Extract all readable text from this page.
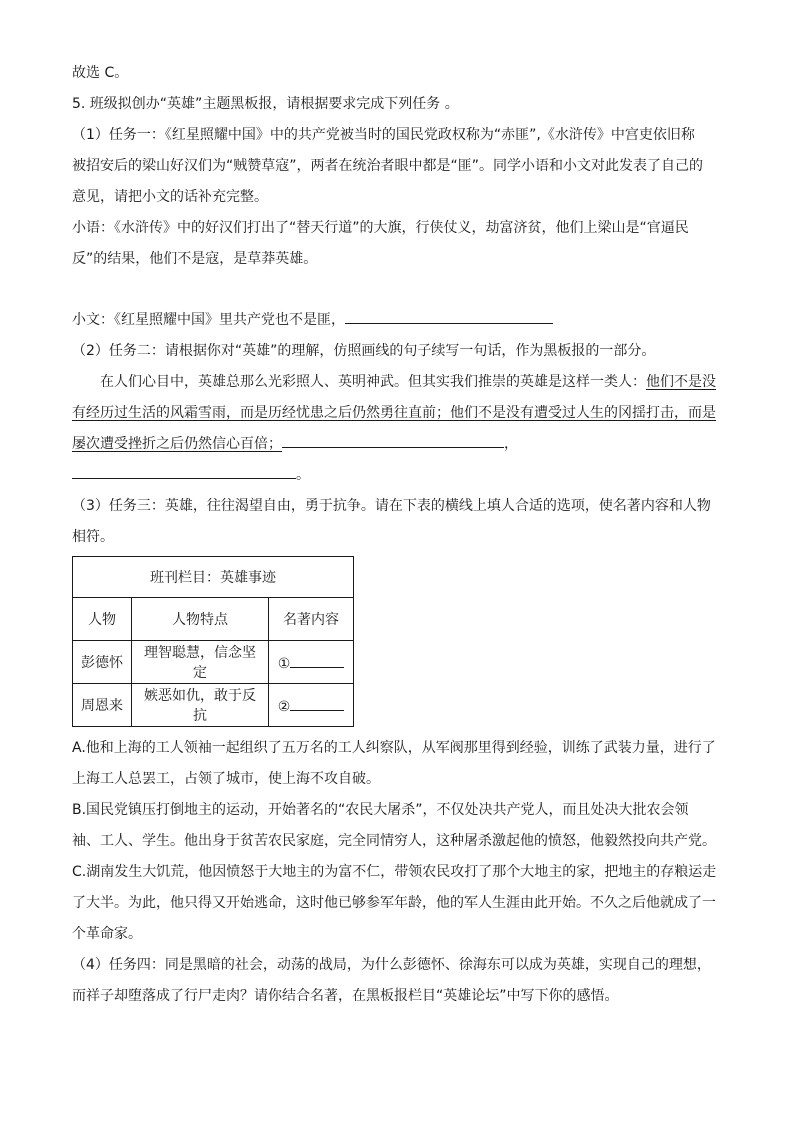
故选 C。
5. 班级拟创办“英雄”主题黑板报，请根据要求完成下列任务 。
（1）任务一：《红星照耀中国》中的共产党被当时的国民党政权称为“赤匪”,《水浒传》中宫吏依旧称
被招安后的梁山好汉们为“贼赞草寇”，两者在统治者眼中都是“匪”。同学小语和小文对此发表了自己的
意见，请把小文的话补充完整。
小语：《水浒传》中的好汉们打出了“替天行道”的大旗，行侠仗义，劫富济贫，他们上梁山是“官逼民
反”的结果，他们不是寇，是草莽英雄。
小文：《红星照耀中国》里共产党也不是匪，
（2）任务二：请根据你对“英雄”的理解，仿照画线的句子续写一句话，作为黑板报的一部分。
在人们心目中，英雄总那么光彩照人、英明神武。但其实我们推崇的英雄是这样一类人：他们不是没
有经历过生活的风霜雪雨，而是历经忧患之后仍然勇往直前；他们不是没有遭受过人生的冈揺打击，而是
屡次遭受挫折之后仍然信心百倍；	，
。
（3）任务三：英雄，往往渴望自由，勇于抗争。请在下表的横线上填人合适的选项，使名著内容和人物
相符。
班刊栏目：英雄事迹		
人物	人物特点	名著内容
彭德怀	理智聪慧，信念坚定	①
周恩来	嫉恶如仇，敢于反抗	②
A.他和上海的工人领袖一起组织了五万名的工人纠察队，从军阀那里得到经验，训练了武装力量，进行了
上海工人总罢工，占领了城市，使上海不攻自破。
B.国民党镇压打倒地主的运动，开始著名的“农民大屠杀”，不仅处决共产党人，而且处决大批农会领
袖、工人、学生。他出身于贫苦农民家庭，完全同情穷人，这种屠杀激起他的愤怒，他毅然投向共产党。
C.湖南发生大饥荒，他因愤怒于大地主的为富不仁，带领农民攻打了那个大地主的家，把地主的存粮运走
了大半。为此，他只得又开始逃命，这时他已够参军年龄，他的军人生涯由此开始。不久之后他就成了一
个革命家。
（4）任务四：同是黑暗的社会，动荡的战局，为什么彭德怀、徐海东可以成为英雄，实现自己的理想，
而祥子却堕落成了行尸走肉？请你结合名著，在黑板报栏目“英雄论坛”中写下你的感悟。
